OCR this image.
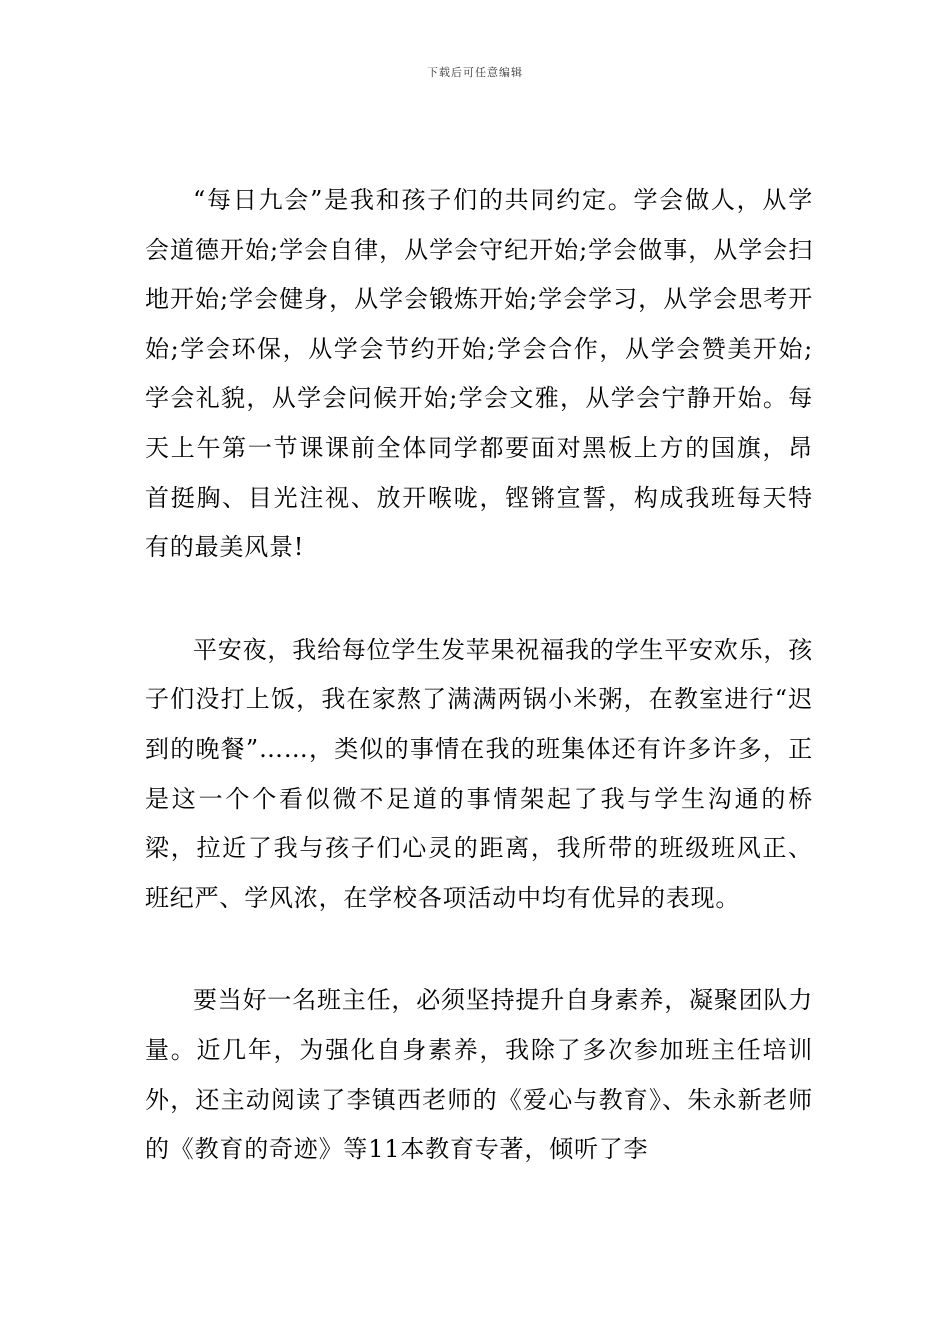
下载后可任意编辑

“每日九会”是我和孩子们的共同约定。学会做人，从学会道德开始;学会自律，从学会守纪开始;学会做事，从学会扫地开始;学会健身，从学会锻炼开始;学会学习，从学会思考开始;学会环保，从学会节约开始;学会合作，从学会赞美开始;学会礼貌，从学会问候开始;学会文雅，从学会宁静开始。每天上午第一节课课前全体同学都要面对黑板上方的国旗，昂首挺胸、目光注视、放开喉咙，铿锵宣誓，构成我班每天特有的最美风景!

平安夜，我给每位学生发苹果祝福我的学生平安欢乐，孩子们没打上饭，我在家熬了满满两锅小米粥，在教室进行“迟到的晚餐”……，类似的事情在我的班集体还有许多许多，正是这一个个看似微不足道的事情架起了我与学生沟通的桥梁，拉近了我与孩子们心灵的距离，我所带的班级班风正、班纪严、学风浓，在学校各项活动中均有优异的表现。

要当好一名班主任，必须坚持提升自身素养，凝聚团队力量。近几年，为强化自身素养，我除了多次参加班主任培训外，还主动阅读了李镇西老师的《爱心与教育》、朱永新老师的《教育的奇迹》等11本教育专著，倾听了李
